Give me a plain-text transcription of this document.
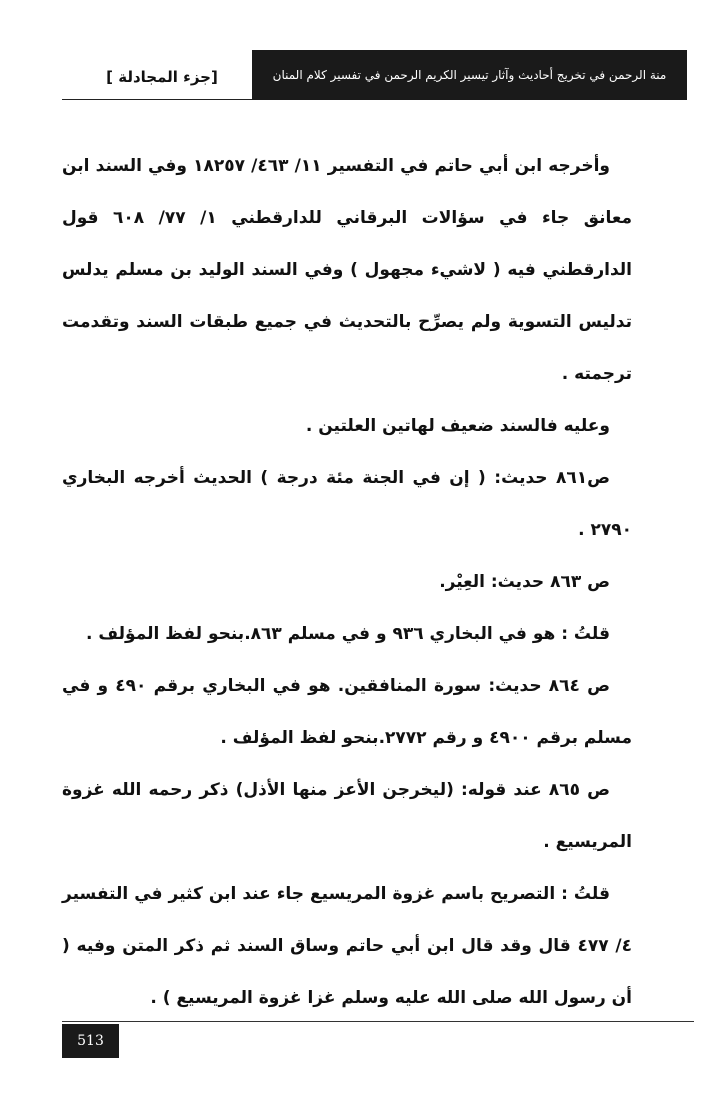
منة الرحمن في تخريج أحاديث وآثار تيسير الكريم الرحمن في تفسير كلام المنان
[جزء المجادلة ]

وأخرجه ابن أبي حاتم في التفسير ١١/ ٤٦٣/ ١٨٢٥٧ وفي السند ابن معانق جاء في سؤالات البرقاني للدارقطني ١/ ٧٧/ ٦٠٨ قول الدارقطني فيه ( لاشيء مجهول ) وفي السند الوليد بن مسلم يدلس تدليس التسوية ولم يصرِّح بالتحديث في جميع طبقات السند وتقدمت ترجمته .

وعليه فالسند ضعيف لهاتين العلتين .

ص٨٦١ حديث: ( إن في الجنة مئة درجة ) الحديث أخرجه البخاري ٢٧٩٠ .

ص ٨٦٣ حديث: العِيْر.

قلتُ : هو في البخاري ٩٣٦ و في مسلم ٨٦٣.بنحو لفظ المؤلف .

ص ٨٦٤ حديث: سورة المنافقين. هو في البخاري برقم ٤٩٠ و في مسلم برقم ٤٩٠٠ و رقم ٢٧٧٢.بنحو لفظ المؤلف .

ص ٨٦٥ عند قوله: (ليخرجن الأعز منها الأذل) ذكر رحمه الله غزوة المريسيع .

قلتُ : التصريح باسم غزوة المريسيع جاء عند ابن كثير في التفسير ٤/ ٤٧٧ قال وقد قال ابن أبي حاتم وساق السند ثم ذكر المتن وفيه ( أن رسول الله صلى الله عليه وسلم غزا غزوة المريسيع ) .

513
